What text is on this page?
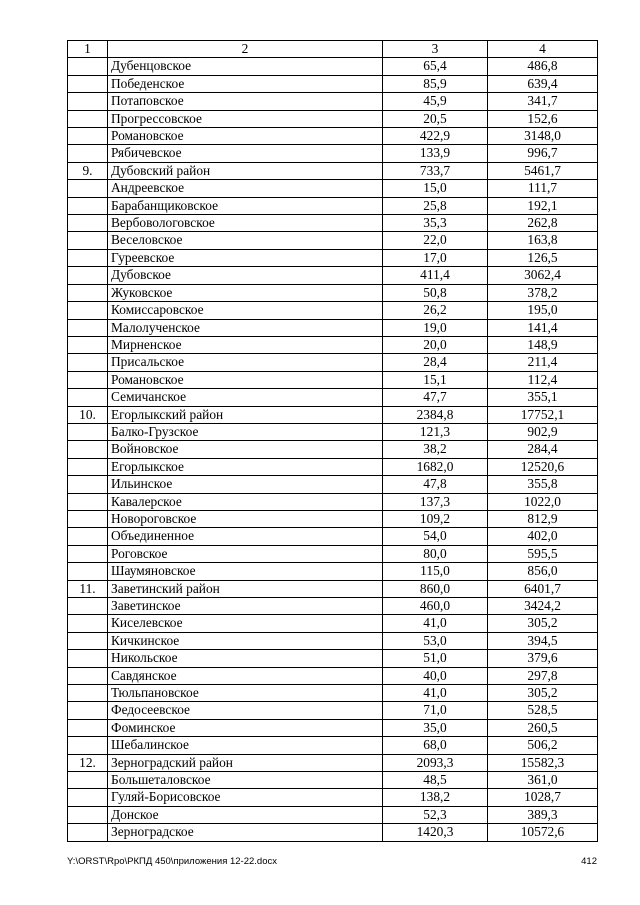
1	2	3	4
	Дубенцовское	65,4	486,8
	Победенское	85,9	639,4
	Потаповское	45,9	341,7
	Прогрессовское	20,5	152,6
	Романовское	422,9	3148,0
	Рябичевское	133,9	996,7
9.	Дубовский район	733,7	5461,7
	Андреевское	15,0	111,7
	Барабанщиковское	25,8	192,1
	Вербовологовское	35,3	262,8
	Веселовское	22,0	163,8
	Гуреевское	17,0	126,5
	Дубовское	411,4	3062,4
	Жуковское	50,8	378,2
	Комиссаровское	26,2	195,0
	Малолученское	19,0	141,4
	Мирненское	20,0	148,9
	Присальское	28,4	211,4
	Романовское	15,1	112,4
	Семичанское	47,7	355,1
10.	Егорлыкский район	2384,8	17752,1
	Балко-Грузское	121,3	902,9
	Войновское	38,2	284,4
	Егорлыкское	1682,0	12520,6
	Ильинское	47,8	355,8
	Кавалерское	137,3	1022,0
	Новороговское	109,2	812,9
	Объединенное	54,0	402,0
	Роговское	80,0	595,5
	Шаумяновское	115,0	856,0
11.	Заветинский район	860,0	6401,7
	Заветинское	460,0	3424,2
	Киселевское	41,0	305,2
	Кичкинское	53,0	394,5
	Никольское	51,0	379,6
	Савдянское	40,0	297,8
	Тюльпановское	41,0	305,2
	Федосеевское	71,0	528,5
	Фоминское	35,0	260,5
	Шебалинское	68,0	506,2
12.	Зерноградский район	2093,3	15582,3
	Большеталовское	48,5	361,0
	Гуляй-Борисовское	138,2	1028,7
	Донское	52,3	389,3
	Зерноградское	1420,3	10572,6
Y:\ORST\Rpo\РКПД 450\приложения 12-22.docx	412
